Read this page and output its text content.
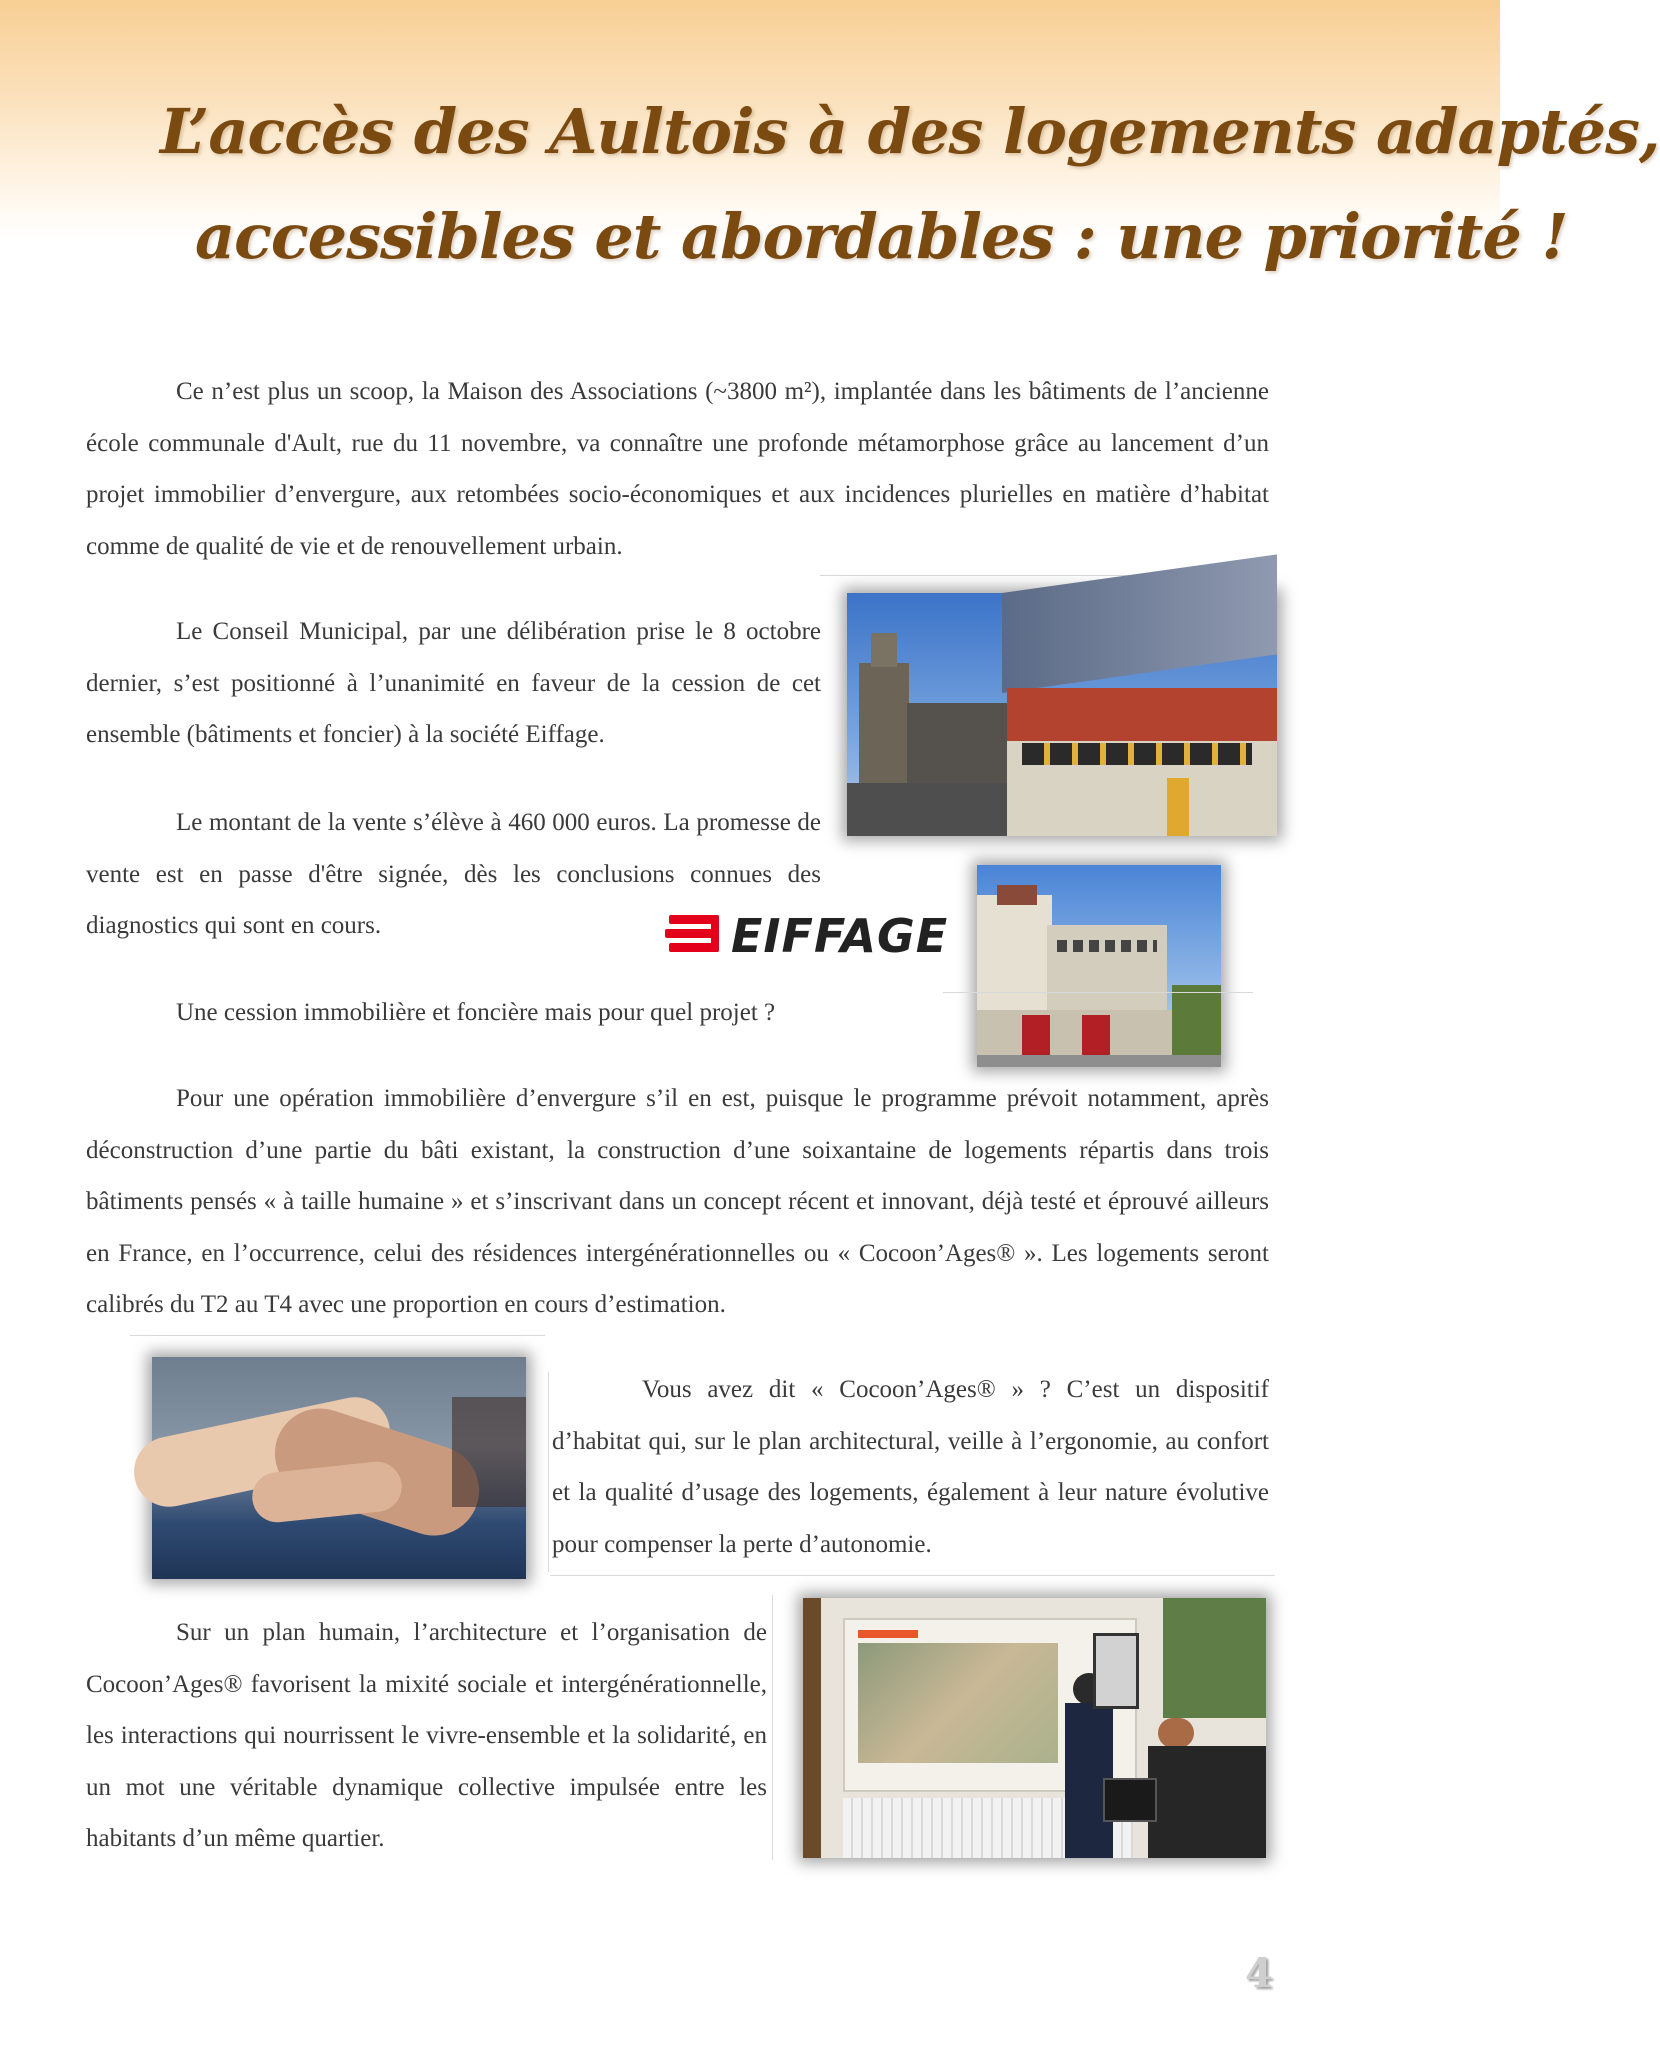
L’accès des Aultois à des logements adaptés,
accessibles et abordables : une priorité !

Ce n’est plus un scoop, la Maison des Associations (~3800 m²), implantée dans les bâtiments de l’ancienne école communale d'Ault, rue du 11 novembre, va connaître une profonde métamorphose grâce au lancement d’un projet immobilier d’envergure, aux retombées socio-économiques et aux incidences plurielles en matière d’habitat comme de qualité de vie et de renouvellement urbain.

Le Conseil Municipal, par une délibération prise le 8 octobre dernier, s’est positionné à l’unanimité en faveur de la cession de cet ensemble (bâtiments et foncier) à la société Eiffage.

Le montant de la vente s’élève à 460 000 euros. La promesse de vente est en passe d'être signée, dès les conclusions connues des diagnostics qui sont en cours.	EIFFAGE

Une cession immobilière et foncière mais pour quel projet ?

Pour une opération immobilière d’envergure s’il en est, puisque le programme prévoit notamment, après déconstruction d’une partie du bâti existant, la construction d’une soixantaine de logements répartis dans trois bâtiments pensés « à taille humaine » et s’inscrivant dans un concept récent et innovant, déjà testé et éprouvé ailleurs en France, en l’occurrence, celui des résidences intergénérationnelles ou « Cocoon’Ages® ». Les logements seront calibrés du T2 au T4 avec une proportion en cours d’estimation.

Vous avez dit « Cocoon’Ages® » ? C’est un dispositif d’habitat qui, sur le plan architectural, veille à l’ergonomie, au confort et la qualité d’usage des logements, également à leur nature évolutive pour compenser la perte d’autonomie.

Sur un plan humain, l’architecture et l’organisation de Cocoon’Ages® favorisent la mixité sociale et intergénérationnelle, les interactions qui nourrissent le vivre-ensemble et la solidarité, en un mot une véritable dynamique collective impulsée entre les habitants d’un même quartier.

4
